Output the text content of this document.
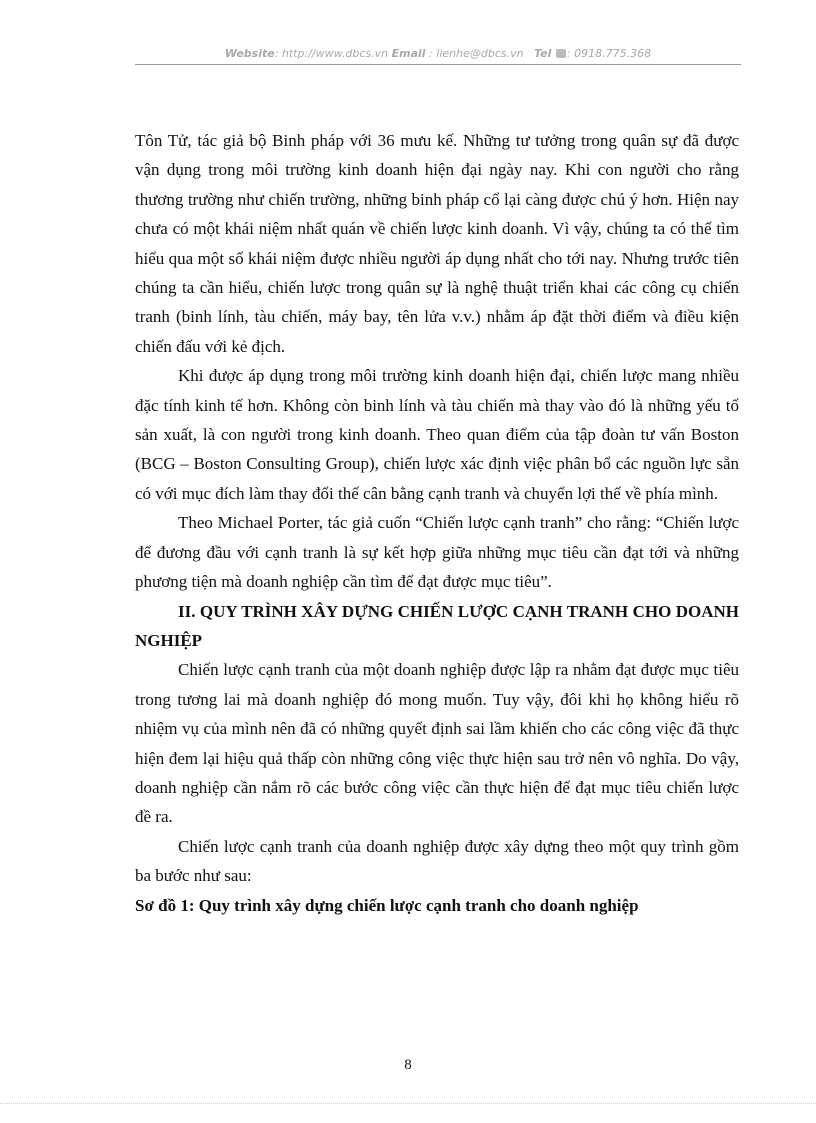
Website: http://www.dbcs.vn Email : lienhe@dbcs.vn Tel : 0918.775.368

Tôn Tử, tác giả bộ Binh pháp với 36 mưu kế. Những tư tưởng trong quân sự đã được vận dụng trong môi trường kinh doanh hiện đại ngày nay. Khi con người cho rằng thương trường như chiến trường, những binh pháp cổ lại càng được chú ý hơn. Hiện nay chưa có một khái niệm nhất quán về chiến lược kinh doanh. Vì vậy, chúng ta có thể tìm hiểu qua một số khái niệm được nhiều người áp dụng nhất cho tới nay. Nhưng trước tiên chúng ta cần hiểu, chiến lược trong quân sự là nghệ thuật triển khai các công cụ chiến tranh (binh lính, tàu chiến, máy bay, tên lửa v.v.) nhằm áp đặt thời điểm và điều kiện chiến đấu với kẻ địch.

Khi được áp dụng trong môi trường kinh doanh hiện đại, chiến lược mang nhiều đặc tính kinh tế hơn. Không còn binh lính và tàu chiến mà thay vào đó là những yếu tố sản xuất, là con người trong kinh doanh. Theo quan điểm của tập đoàn tư vấn Boston (BCG – Boston Consulting Group), chiến lược xác định việc phân bổ các nguồn lực sẵn có với mục đích làm thay đổi thế cân bằng cạnh tranh và chuyển lợi thế về phía mình.

Theo Michael Porter, tác giả cuốn “Chiến lược cạnh tranh” cho rằng: “Chiến lược để đương đầu với cạnh tranh là sự kết hợp giữa những mục tiêu cần đạt tới và những phương tiện mà doanh nghiệp cần tìm để đạt được mục tiêu”.

II. QUY TRÌNH XÂY DỰNG CHIẾN LƯỢC CẠNH TRANH CHO DOANH NGHIỆP

Chiến lược cạnh tranh của một doanh nghiệp được lập ra nhằm đạt được mục tiêu trong tương lai mà doanh nghiệp đó mong muốn. Tuy vậy, đôi khi họ không hiểu rõ nhiệm vụ của mình nên đã có những quyết định sai lầm khiến cho các công việc đã thực hiện đem lại hiệu quả thấp còn những công việc thực hiện sau trở nên vô nghĩa. Do vậy, doanh nghiệp cần nắm rõ các bước công việc cần thực hiện để đạt mục tiêu chiến lược đề ra.

Chiến lược cạnh tranh của doanh nghiệp được xây dựng theo một quy trình gồm ba bước như sau:

Sơ đồ 1: Quy trình xây dựng chiến lược cạnh tranh cho doanh nghiệp

8
